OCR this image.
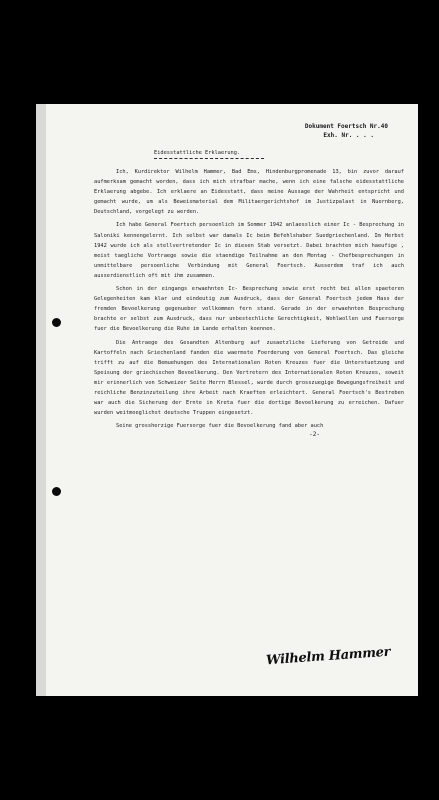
Dokument Foertsch Nr.40
Exh. Nr. . . .
Eidesstattliche Erklaerung.

Ich, Kurdirektor Wilhelm Hammer, Bad Ems, Hindenburgpromenade 13, bin zuvor darauf aufmerksam gemacht worden, dass ich mich strafbar mache, wenn ich eine falsche eidesstattliche Erklaerung abgebe. Ich erklaere an Eidesstatt, dass meine Aussage der Wahrheit entspricht und gemacht wurde, um als Beweismaterial dem Militaergerichtshof im Justizpalast in Nuernberg, Deutschland, vorgelegt zu werden.

Ich habe General Foertsch persoenlich im Sommer 1942 anlaesslich einer Ic - Besprechung in Saloniki kennengelernt. Ich selbst war damals Ic beim Befehlshaber Suedgriechenland. Im Herbst 1942 wurde ich als stellvertretender Ic in diesen Stab versetzt. Dabei brachten mich haeufige , meist taegliche Vortraege sowie die staendige Teilnahme an den Montag - Chefbesprechungen in unmittelbare persoenliche Verbindung mit General Foertsch. Ausserdem traf ich auch ausserdienstlich oft mit ihm zusammen.

Schon in der eingangs erwaehnten Ic- Besprechung sowie erst recht bei allen spaeteren Gelegenheiten kam klar und eindeutig zum Ausdruck, dass der General Foertsch jedem Hass der fremden Bevoelkerung gegenueber vollkommen fern stand. Gerade in der erwaehnten Besprechung brachte er selbst zum Ausdruck, dass nur unbestechliche Gerechtigkeit, Wohlwollen und Fuersorge fuer die Bevoelkerung die Ruhe im Lande erhalten koennen.

Die Antraege des Gesandten Altenburg auf zusaetzliche Lieferung von Getreide und Kartoffeln nach Griechenland fanden die waermste Foerderung von General Foertsch. Das gleiche trifft zu auf die Bemuehungen des Internationalen Roten Kreuzes fuer die Unterstuetzung und Speisung der griechischen Bevoelkerung. Den Vertretern des Internationalen Roten Kreuzes, soweit mir erinnerlich von Schweizer Seite Herrn Blessel, wurde durch grosszuegige Bewegungsfreiheit und reichliche Benzinzuteilung ihre Arbeit nach Kraeften erleichtert. General Foertsch's Bestreben war auch die Sicherung der Ernte in Kreta fuer die dortige Bevoelkerung zu erreichen. Dafuer wurden weitmoeglichst deutsche Truppen eingesetzt.

Seine grossherzige Fuersorge fuer die Bevoelkerung fand aber auch
-2-
Wilhelm Hammer
